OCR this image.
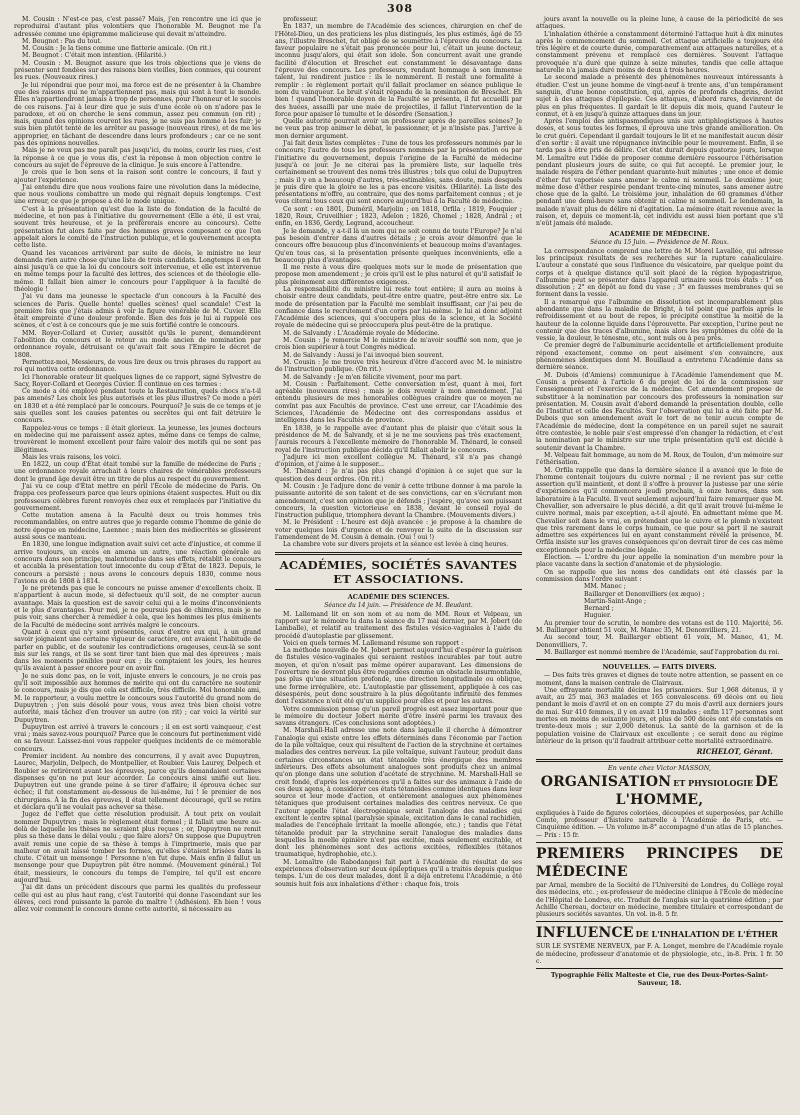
308

M. Cousin : N'est-ce pas, c'est passé? Mais, j'en rencontre une ici que je reproduirai d'autant plus volontiers que l'honorable M. Beugnot me l'a adressée comme une épigramme malicieuse qui devait m'atteindre.

M. Beugnot : Pas du tout.

M. Cousin : Je la tiens comme une flatterie amicale. (On rit.)

M. Beugnot : C'était mon intention. (Hilarité.)

M. Cousin : M. Beugnot assure que les trois objections que je viens de présenter sont fondées sur des raisons bien vieilles, bien connues, qui courent les rues. (Nouveaux rires.)

Je lui répondrai que pour moi, ma force est de ne présenter à la Chambre que des raisons qui ne m'appartiennent pas, mais qui sont à tout le monde. Elles n'appartiendront jamais à trop de personnes, pour l'honneur et le succès de ces raisons. J'ai à leur dire que je suis d'une école où on n'adore pas le paradoxe, et où on cherche le sens commun, assez peu commun (on rit) ; mais, quand des opinions courent les rues, je ne suis pas homme à les fuir; je suis bien plutôt tenté de les arrêter au passage (nouveaux rires), et de me les approprier, en tâchant de descendre dans leurs profondeurs ; car ce ne sont pas des opinions nouvelles.

Mais je ne veux pas me paraît pas jusqu'ici, du moins, courir les rues, c'est la réponse à ce que je vous dis, c'est la réponse à mon objection contre le concours au sujet de l'épreuve de la clinique. Je suis encore à l'attendre.

Je crois que le bon sens et la raison sont contre le concours, il faut y ajouter l'expérience.

J'ai entendu dire que nous voulions faire une révolution dans la médecine, que nous voulions combattre un mode qui régnait depuis longtemps. C'est une erreur, ce que je propose a été le mode unique.

C'est à la présentation qu'est due la liste de fondation de la faculté de médecine, et non pas à l'initiative du gouvernement (Elle a été, il est vrai, souvent très heureuse, et je la préférerais encore au concours). Cette présentation fut alors faite par des hommes graves composant ce que l'on appelait alors le comité de l'instruction publique, et le gouvernement accepta cette liste.

Quand les vacances arrivèrent par suite de décès, le ministre ne leur demanda rien autre chose qu'une liste de trois candidats. Longtemps il en fut ainsi jusqu'à ce que la loi du concours soit intervenue, et elle est intervenue en même temps pour la faculté des lettres, des sciences et de théologie elle-même. Il fallait bien aimer le concours pour l'appliquer à la faculté de théologie !

J'ai vu dans ma jeunesse le spectacle d'un concours à la Faculté des sciences de Paris. Quelle honte! quelles scènes! quel scandale! C'est la première fois que j'étais admis à voir la figure vénérable de M. Cuvier. Elle était empreinte d'une douleur profonde. Bien des fois je lui ai rappelé ces scènes, et c'est à ce concours que je me suis fortifié contre le concours.

MM. Royer-Collard et Cuvier, aussitôt qu'ils le purent, demandèrent l'abolition du concours et le retour au mode ancien de nomination par ordonnance royale, détruisant ce qu'avait fait sous l'Empire le décret de 1808.

Permettez-moi, Messieurs, de vous lire deux ou trois phrases du rapport au roi qui motiva cette ordonnance.

Ici l'honorable orateur lit quelques lignes de ce rapport, signé Sylvestre de Sacy, Royer-Collard et Georges Cuvier. Il continue en ces termes :

Ce mode a été employé pendant toute la Restauration, quels chocs n'a-t-il pas amenés? Les choix les plus autorisés et les plus illustres? Ce mode a péri en 1830 et a été remplacé par le concours. Pourquoi? Je suis de ce temps et je sais quelles sont les causes patentes ou secrètes qui ont fait détruire le concours.

Rappelez-vous ce temps : il était glorieux. La jeunesse, les jeunes docteurs en médecine qui me paraissent assez aptes, même dans ce temps de calme, trouvèrent le moment excellent pour faire valoir des motifs qui ne sont pas illégitimes.

Mais les vrais raisons, les voici.

En 1822, un coup d'État était tombé sur la famille de médecine de Paris ; une ordonnance royale arrachait à leurs chaires de vénérables professeurs dont le grand âge devait être un titre de plus au respect du gouvernement.

J'ai vu ce coup d'État mettre en péril l'École de médecine de Paris. On frappa ces professeurs parce que leurs opinions étaient suspectes. Huit ou dix professeurs célèbres furent renvoyés chez eux et remplacés par l'initiative du gouvernement.

Cette mutation amena à la Faculté deux ou trois hommes très recommandables, on entre autres que je regarde comme l'homme de génie de notre époque en médecine, Laennec ; mais bien des médiocrités se glissèrent aussi sous ce manteau.

En 1830, une longue indignation avait suivi cet acte d'injustice, et comme il arrive toujours, un excès en amena un autre, une réaction générale au concours dans son principe, malentendue dans ses effets, rétablit le concours et accabla la présentation tout innocente du coup d'État de 1823. Depuis, le concours a persisté ; nous avons le concours depuis 1830, comme nous l'avions eu de 1808 à 1814.

Je ne prétends pas que le concours ne puisse amener d'excellents choix. Il n'appartient à aucun mode, si défectueux qu'il soit, de ne compter aucun avantage. Mais la question est de savoir celui qui a le moins d'inconvénients et le plus d'avantages. Pour moi, je ne poursuis pas de chimères, mais je ne puis voir, sans chercher à remédier à cela, que les hommes les plus éminents de la Faculté de médecine sont arrivés malgré le concours.

Quant à ceux qui n'y sont présentés, ceux d'entre eux qui, à un grand savoir joignaient une certaine vigueur de caractère, ont avaient l'habitude de parler en public, et de soutenir les contradictions orageuses, ceux-là se sont mis sur les rangs, et ils se sont tirer tant bien que mal des épreuves ; mais dans les moments pénibles pour eux ; ils comptaient les jours, les heures qu'ils avaient à passer encore pour en avoir fini.

Je ne suis donc pas, on le voit, injuste envers le concours, je ne crois pas qu'il soit impossible aux hommes de mérite qui ont du caractère ne soutenir le concours, mais je dis que cela est difficile, très difficile. Mol honorable ami, M. le rapporteur, a voulu mettre le concours sous l'autorité du grand nom de Dupuytren ; j'en suis désolé pour vous, vous avez très bien choisi votre autorité, mais tâchez d'en trouver un autre (on rit) ; car voici la vérité sur Dupuytren.

Dupuytren est arrivé à travers le concours ; il en est sorti vainqueur, c'est vrai ; mais savez-vous pourquoi? Parce que le concours fut pertinemment vidé en sa faveur. Laissez-moi vous rappeler quelques incidents de ce mémorable concours.

Premier incident. Au nombre des concurrens, il y avait avec Dupuytren, Laurec, Marjolin, Delpech, de Montpellier, et Roubier. Vais Laurey, Delpech et Roubier se retirèrent avant les épreuves, parce qu'ils demandaient certaines dispenses qu'on ne put leur accorder. Le concours ainsi unifié eut lieu. Dupuytren eut une grande peine à se tirer d'affaire; il éprouva échec sur échec; il fut constamment au-dessous de lui-même, lui ! le premier de nos chirurgiens. À la fin des épreuves, il était tellement découragé, qu'il se retira et déclara qu'il ne voulait pas achever sa thèse.

Jugez de l'effet que cette résolution produisit. À tout prix on voulait nommer Dupuytren ; mais le règlement était formel ; il fallait une heure au-delà de laquelle les thèses ne seraient plus reçues ; or, Dupuytren ne remit plus sa thèse dans le délai voulu ; que faire alors? On suppose que Dupuytren avait remis une copie de sa thèse à temps à l'imprimerie, mais que par malheur on avait laissé tomber les formes, qu'elles s'étaient brisées dans la chute. C'était un mensonge ! Personne n'en fut dupe. Mais enfin il fallut un mensonge pour que Dupuytren pût être nommé. (Mouvement général.) Tel était, messieurs, le concours du temps de l'empire, tel qu'il est encore aujourd'hui.

J'ai dit dans un précédent discours que parmi les qualités du professeur celle qui est au plus haut rang, c'est l'autorité qui donne l'ascendant sur les élèves, ceci rond puissante la parole du maître ! (Adhésion). Eh bien ! vous allez voir comment le concours donne cette autorité, si nécessaire au

professeur.

En 1837, un membre de l'Académie des sciences, chirurgien en chef de l'Hôtel-Dieu, un des praticiens les plus distingués, les plus estimés, âgé de 55 ans, l'illustre Breschet, fut obligé de se soumettre à l'épreuve du concours. La faveur populaire ne s'était pas prononcée pour lui, c'était un jeune docteur, inconnu jusqu'alors, qui était son idole. Son concurrent avait une grande facilité d'élocution et Breschet eut constamment le désavantage dans l'épreuve des concours. Les professeurs, rendant hommage à son immense talent, lui rendirent justice : ils le nommèrent. Il restait une formalité à remplir : le règlement portait qu'il fallait proclamer en séance publique le nom du vainqueur. Le bruit s'était répandu de la nomination de Breschet. Eh bien ! quand l'honorable doyen de la Faculté se présenta, il fut accueilli par des huées, assailli par une nuée de projectiles, il fallut l'intervention de la force pour apaiser le tumulte et le désordre (Sensation.)

Quelle autorité pourrait avoir un professeur après de pareilles scènes? Je ne veux pas trop animer le débat, le passionner, et je n'insiste pas. J'arrive à mon dernier argument.

J'ai fait deux listes complètes : l'une de tous les professeurs nommés par le concours; l'autre de tous les professeurs nommés par la présentation ou par l'initiative du gouvernement, depuis l'origine de la Faculté de médecine jusqu'à ce jour. Je ne citerai pas la première liste, sur laquelle très certainement se trouvent des noms très illustres ; tels que celui de Dupuytren ; mais il y en a beaucoup d'autres, très-estimables, sans doute, mais desquels je puis dire que la gloire ne les a pas encore visités. (Hilarité). La liste des présentations m'offre, au contraire, que des noms parfaitement connus ; et je vous citerai tous ceux qui sont encore aujourd'hui à la Faculté de médecine.

Ce sont : en 1801, Duméril, Marjolin ; en 1818, Orfila ; 1819, Fouquier ; 1820, Roux, Cruveilhier ; 1823, Adelon ; 1826, Chomel ; 1828, Andral ; et enfin, en 1836, Gerdy, Legrand, accoucheur.

Je le demande, y a-t-il là un nom qui ne soit connu de toute l'Europe? Je n'ai pas besoin d'entrer dans d'autres détails ; je crois avoir démontré que le concours offre beaucoup plus d'inconvénients et beaucoup moins d'avantages. Qu'en tous cas, si la présentation présente quelques inconvénients, elle a beaucoup plus d'avantages.

Il me reste à vous dire quelques mots sur le mode de présentation que propose mon amendement ; je crois qu'il est le plus naturel et qu'il satisfait le plus pleinement aux différentes exigences.

La responsabilité du ministre lui reste tout entière; il aura au moins à choisir entre deux candidats, peut-être entre quatre, peut-être entre six. Le mode de présentation par la Faculté me semblait insuffisant, car j'ai peu de confiance dans le recrutement d'un corps par lui-même. Je lui ai donc adjoint l'Académie des sciences, qui s'occupera plus de la science, et la Société royale de médecine qui se préoccupera plus peut-être de la pratique.

M. de Salvandy : L'Académie royale de Médecine.

M. Cousin : Je remercie M le ministre de m'avoir soufflé son nom, que je crois bien supérieur à tout Congrès médical.

M. de Salvandy : Aussi je l'ai invoqué bien souvent.

M. Cousin : Je me trouve très heureux d'être d'accord avec M. le ministre de l'instruction publique. (On rit.)

M. de Salvandy : Je m'en félicite vivement, pour ma part.

M. Cousin : Parfaitement. Cette conversation m'est, quant à moi, fort agréable (nouveaux rires) ; mais je dois revenir à mon amendement. J'ai entendu plusieurs de mes honorables collègues craindre que ce moyen ne convînt pas aux Facultés de province. C'est une erreur, car l'Académie des Sciences, l'Académie de Médecine ont des correspondans assidus et intelligens dans les Facultés de province.

En 1838, je le rappelle avec d'autant plus de plaisir que c'était sous la présidence de M. de Salvandy, et si je ne me souviens pas très exactement, j'aurais recours à l'excellente mémoire de l'honorable M. Thénard, le conseil royal de l'instruction publique décida qu'il fallait abolir le concours.

J'adjure ici mon excellent collègue M. Thénard, s'il n'a pas changé d'opinion, et j'aime à le supposer...

M. Thénard : Je n'ai pas plus changé d'opinion à ce sujet que sur la question des deux ordres. (On rit.)

M. Cousin : Je l'adjure donc de venir à cette tribune donner à ma parole la puissante autorité de son talent et de ses convictions, car en s'écrutant mon amendement, c'est son opinion que je défends ; j'espère, qu'avec son puissant concours, la question victorieuse en 1838, devant le conseil royal de l'instruction publique, triomphera devant la Chambre. (Mouvements divers.)

M. le Président : L'heure est déjà avancée : je propose à la chambre de voter quelques lois d'urgence et de renvoyer la suite de la discussion sur l'amendement de M. Cousin à demain. (Oui ! oui !)

La chambre vote sur divers projets et la séance est levée à cinq heures.

ACADÉMIES, SOCIÉTÉS SAVANTES ET ASSOCIATIONS.
ACADÉMIE DES SCIENCES.
Séance du 14 juin. — Présidence de M. Beudant.

M. Lallemand lit en son nom et au nom de MM. Roux et Velpeau, un rapport sur le mémoire lu dans la séance du 17 mai dernier, par M. Jobert (de Lamballe), et relatif au traitement des fistules vésico-vaginales à l'aide du procédé d'autoplastie par glissement.

Voici en quels termes M. Lallemand résume son rapport :

La méthode nouvelle de M. Jobert permet aujourd'hui d'espérer la guérison de fistules vésico-vaginales qui seraient restées incurables par tout autre moyen, et qu'on n'osait pas même opérer auparavant. Les dimensions de l'ouverture ne devront plus être regardées comme un obstacle insurmontable, pas plus qu'une situation profonde, une direction longitudinale ou oblique, une forme irrégulière, etc. L'autoplastie par glissement, appliquée à ces cas désespérés, peut donc soustraire à la plus dégoûtante infirmité des femmes dont l'existence n'eût été qu'un supplice pour elles et pour les autres.

Votre commission pense qu'un pareil progrès est assez important pour que le mémoire du docteur Jobert mérite d'être inséré parmi les travaux des savans étrangers. (Ces conclusions sont adoptées.)

M. Marshall-Hall adresse une note dans laquelle il cherche à démontrer l'analogie qui existe entre les effets déterminés dans l'économie par l'action de la pile voltaïque, ceux qui résultent de l'action de la strychnine et certaines maladies des centres nerveux. La pile voltaïque, suivant l'auteur, produit dans certaines circonstances un état tétanoïde très énergique des membres inférieurs. Des effets absolument analogues sont produits chez un animal qu'on plonge dans une solution d'acétate de strychnine. M. Marshall-Hall se croit fondé, d'après les expériences qu'il a faites sur des animaux à l'aide de ces deux agens, à considérer ces états tétanoïdes comme identiques dans leur source et leur mode d'action, et entièrement analogues aux phénomènes tétaniques que produisent certaines maladies des centres nerveux. Ce que l'auteur appelle l'état électrogénique serait l'analogie des maladies qui excitent le centre spinal (paralysie spinale, excitation dans le canal rachidien, maladies de l'encéphale irritant la moelle allongée, etc.) ; tandis que l'état tétanoïde produit par la strychnine serait l'analogue des maladies dans lesquelles la moelle épinière n'est pas excitée, mais seulement excitable, et dont les phénomènes sont des actions excitées, réflexibles (tétanos traumatique, hydrophobie, etc.).

M. Lemaître (de Rabodanges) fait part à l'Académie du résultat de ses expériences d'observation sur deux épileptiques qu'il a traités depuis quelque temps. L'un de ces deux malades, dont il a déjà entretenu l'Académie, a été soumis huit fois aux inhalations d'éther : chaque fois, trois

jours avant la nouvelle ou la pleine lune, à cause de la périodicité de ses attaques.

L'inhalation éthérée a constamment déterminé l'attaque huit à dix minutes après le commencement du sommeil. Cet attaque artificielle a toujours été très légère et de courte durée, comparativement aux attaques naturelles, et a constamment prévenu et remplacé ces dernières. Souvent l'attaque provoquée n'a duré que quinze à seize minutes, tandis que celle attaque naturelle n'a jamais duré moins de deux à trois heures.

Le second malade a présenté des phénomènes nouveaux intéressants à étudier. C'est un jeune homme de vingt-neuf à trente ans, d'un tempérament sanguin, d'une bonne constitution, qui, après de profonds chagrins, devint sujet à des attaques d'épilepsie. Ces attaques, d'abord rares, devinrent de plus en plus fréquentes. Il gardait le lit depuis dix mois, quand l'auteur le connut, et à en jusqu'à quinze attaques dans un jour.

Après l'emploi des antispasmodiques unis aux antiphlogistiques à hautes doses, et sous toutes les formes, il éprouva une très grande amélioration. On le crut guéri. Cependant il gardait toujours le lit et ne manifestait aucun désir d'en sortir : il avait une répugnance invincible pour le mouvement. Enfin, il se tarda pas à être pris de délire. Cet état durait depuis quatorze jours, lorsque M. Lemaître eut l'idée de proposer comme dernière ressource l'éthérisation pendant plusieurs jours de suite, ce qui fut accepté. Le premier jour, le malade respira de l'éther pendant quarante-huit minutes ; une once et demie d'éther fut vaporisée sans amener le calme ni sommeil. Le deuxième jour, même dose d'éther respirée pendant trente-cinq minutes, sans amener autre chose que de la gaîté. Le troisième jour, inhalation de 60 grammes d'éther pendant une demi-heure sans obtenir ni calme ni sommeil. Le lendemain, la malade n'avait plus de délire ni d'agitation. La mémoire était revenue avec la raison, et, depuis ce moment-là, cet individu est aussi bien portant que s'il n'eût jamais été malade.

ACADÉMIE DE MÉDECINE.
Séance du 15 Juin. — Présidence de M. Roux.

La correspondance comprend une lettre de M. Morel Lavallée, qui adresse les principaux résultats de ses recherches sur la rupture canaliculaire. L'auteur a constaté que sous l'influence du vésicatoire, par quelque point du corps et à quelque distance qu'il soit placé de la région hypogastrique, l'albumine peut se présenter dans l'appareil urinaire sous trois états : 1° en dissolution ; 2° en dépôt au fond du vase ; 3° en fausses membranes qui se forment dans la vessie.

Il a remarqué que l'albumine en dissolution est incomparablement plus abondante que dans la maladie de Bright, à tel point que parfois après le refroidissement et au bout de repos, le précipité constitue la moitié de la hauteur de la colonne liquide dans l'éprouvette. Par exception, l'urine peut ne contenir que des traces d'albumine, mais alors les symptômes du côté de la vessie, la douleur, le ténesme, etc., sont nuls ou à peu près.

Ce premier degré de l'albuminurie accidentelle et artificiellement produite répond exactement, comme on peut aisément s'en convaincre, aux phénomènes identiques dont M. Bouillaud a entretenu l'Académie dans sa dernière séance.

M. Dubois (d'Amiens) communique à l'Académie l'amendement que M. Cousin a présenté à l'article 6 du projet de loi de la commission sur l'enseignement et l'exercice de la médecine. Cet amendement propose de substituer à la nomination par concours des professeurs la nomination sur présentation. M. Cousin avait d'abord demandé la présentation double, celle de l'Institut et celle des Facultés. Sur l'observation qui lui a été faite par M. Dubois que son amendement avait le tort de ne tenir aucun compte de l'Académie de médecine, dont la compétence en un pareil sujet ne saurait être contestée, le noble pair s'est empressé d'en changer la rédaction, et c'est la nomination par le ministre sur une triple présentation qu'il est décidé à soutenir devant la Chambre.

M. Velpeau fait hommage, au nom de M. Roux, de Toulon, d'un mémoire sur l'éthérisation.

M. Orfila rappelle que dans la dernière séance il a avancé que le foie de l'homme contenait toujours du cuivre normal ; il ne revient pas sur cette assertion qu'il maintient, et dont il s'offre à prouver la justesse par une série d'expériences qu'il commencera jeudi prochain, à onze heures, dans son laboratoire à la Faculté. Il veut seulement aujourd'hui faire remarquer que M. Chevallier, son adversaire le plus décidé, a dit qu'il avait trouvé lui-même le cuivre normal, mais par exception, a-t-il ajouté. En admettant même que M. Chevalier soit dans le vrai, en prétendant que le cuivre et le plomb n'existent que très rarement dans le corps humain, ce que pour sa part il ne saurait admettre ses expériences lui en ayant constamment révélé la présence, M. Orfila insiste sur les graves conséquences qu'on devrait tirer de ces cas même exceptionnels pour la médecine légale.

Élection. — L'ordre du jour appelle la nomination d'un membre pour la place vacante dans la section d'anatomie et de physiologie.

On se rappelle que les noms des candidats ont été classés par la commission dans l'ordre suivant :

MM. Manec ;

Baillarger et Denonvilliers (ex æquo) ;

Martin-Saint-Ange ;

Bernard ;

Huguier.

Au premier tour de scrutin, le nombre des votans est de 110. Majorité, 56. M. Baillarger obtient 51 voix, M. Manec 35, M. Denonvilliers, 21.

Au second tour, M. Baillarger obtient 61 voix, M. Manec, 41, M. Denonvilliers, 7.

M. Baillarger est nommé membre de l'Académie, sauf l'approbation du roi.

NOUVELLES. — FAITS DIVERS.

— Des faits très graves et dignes de toute notre attention, se passent en ce moment, dans la maison centrale de Clairvaux.

Une effrayante mortalité décime les prisonniers. Sur 1,968 détenus, il y avait, au 25 mai, 363 malades et 165 convalescens. 69 décès ont eu lieu pendant le mois d'avril et on en compte 27 du mois d'avril aux derniers jours de mai. Sur 410 femmes, il y en avait 119 malades ; enfin 117 personnes sont mortes en moins de soixante jours, et plus de 500 décès ont été constatés en trente-deux mois ; sur 2,000 détenus. La santé de la garnison et de la population voisine de Clairvaux est excellente ; ce serait donc au régime intérieur de la prison qu'il faudrait attribuer cette mortalité extraordinaire.

RICHELOT, Gérant.
En vente chez Victor MASSON,
ORGANISATION ET PHYSIOLOGIE DE L'HOMME,

expliquées à l'aide de figures coloriées, découpées et superposées, par Achille Comte, professeur d'histoire naturelle à l'Académie de Paris, etc. — Cinquième édition. — Un volume in-8° accompagné d'un atlas de 15 planches. — Prix : 15 fr.

PREMIERS PRINCIPES DE MÉDECINE

par Arnal, membre de la Société de l'Université de Londres, du Collège royal des médecins, etc. ; ex-professeur de médecine clinique à l'École de médecine de l'Hôpital de Londres, etc. Traduit de l'anglais sur la quatrième édition ; par Achille Chereau, docteur en médecine, membre titulaire et correspondant de plusieurs sociétés savantes. Un vol. in-8. 5 fr.

INFLUENCE DE L'INHALATION DE L'ÉTHER

SUR LE SYSTÈME NERVEUX, par F. A. Longet, membre de l'Académie royale de médecine, professeur d'anatomie et de physiologie, etc., in-8. Prix. 1 fr. 50 c.

Typographie Félix Malteste et Cie, rue des Deux-Portes-Saint-Sauveur, 18.
